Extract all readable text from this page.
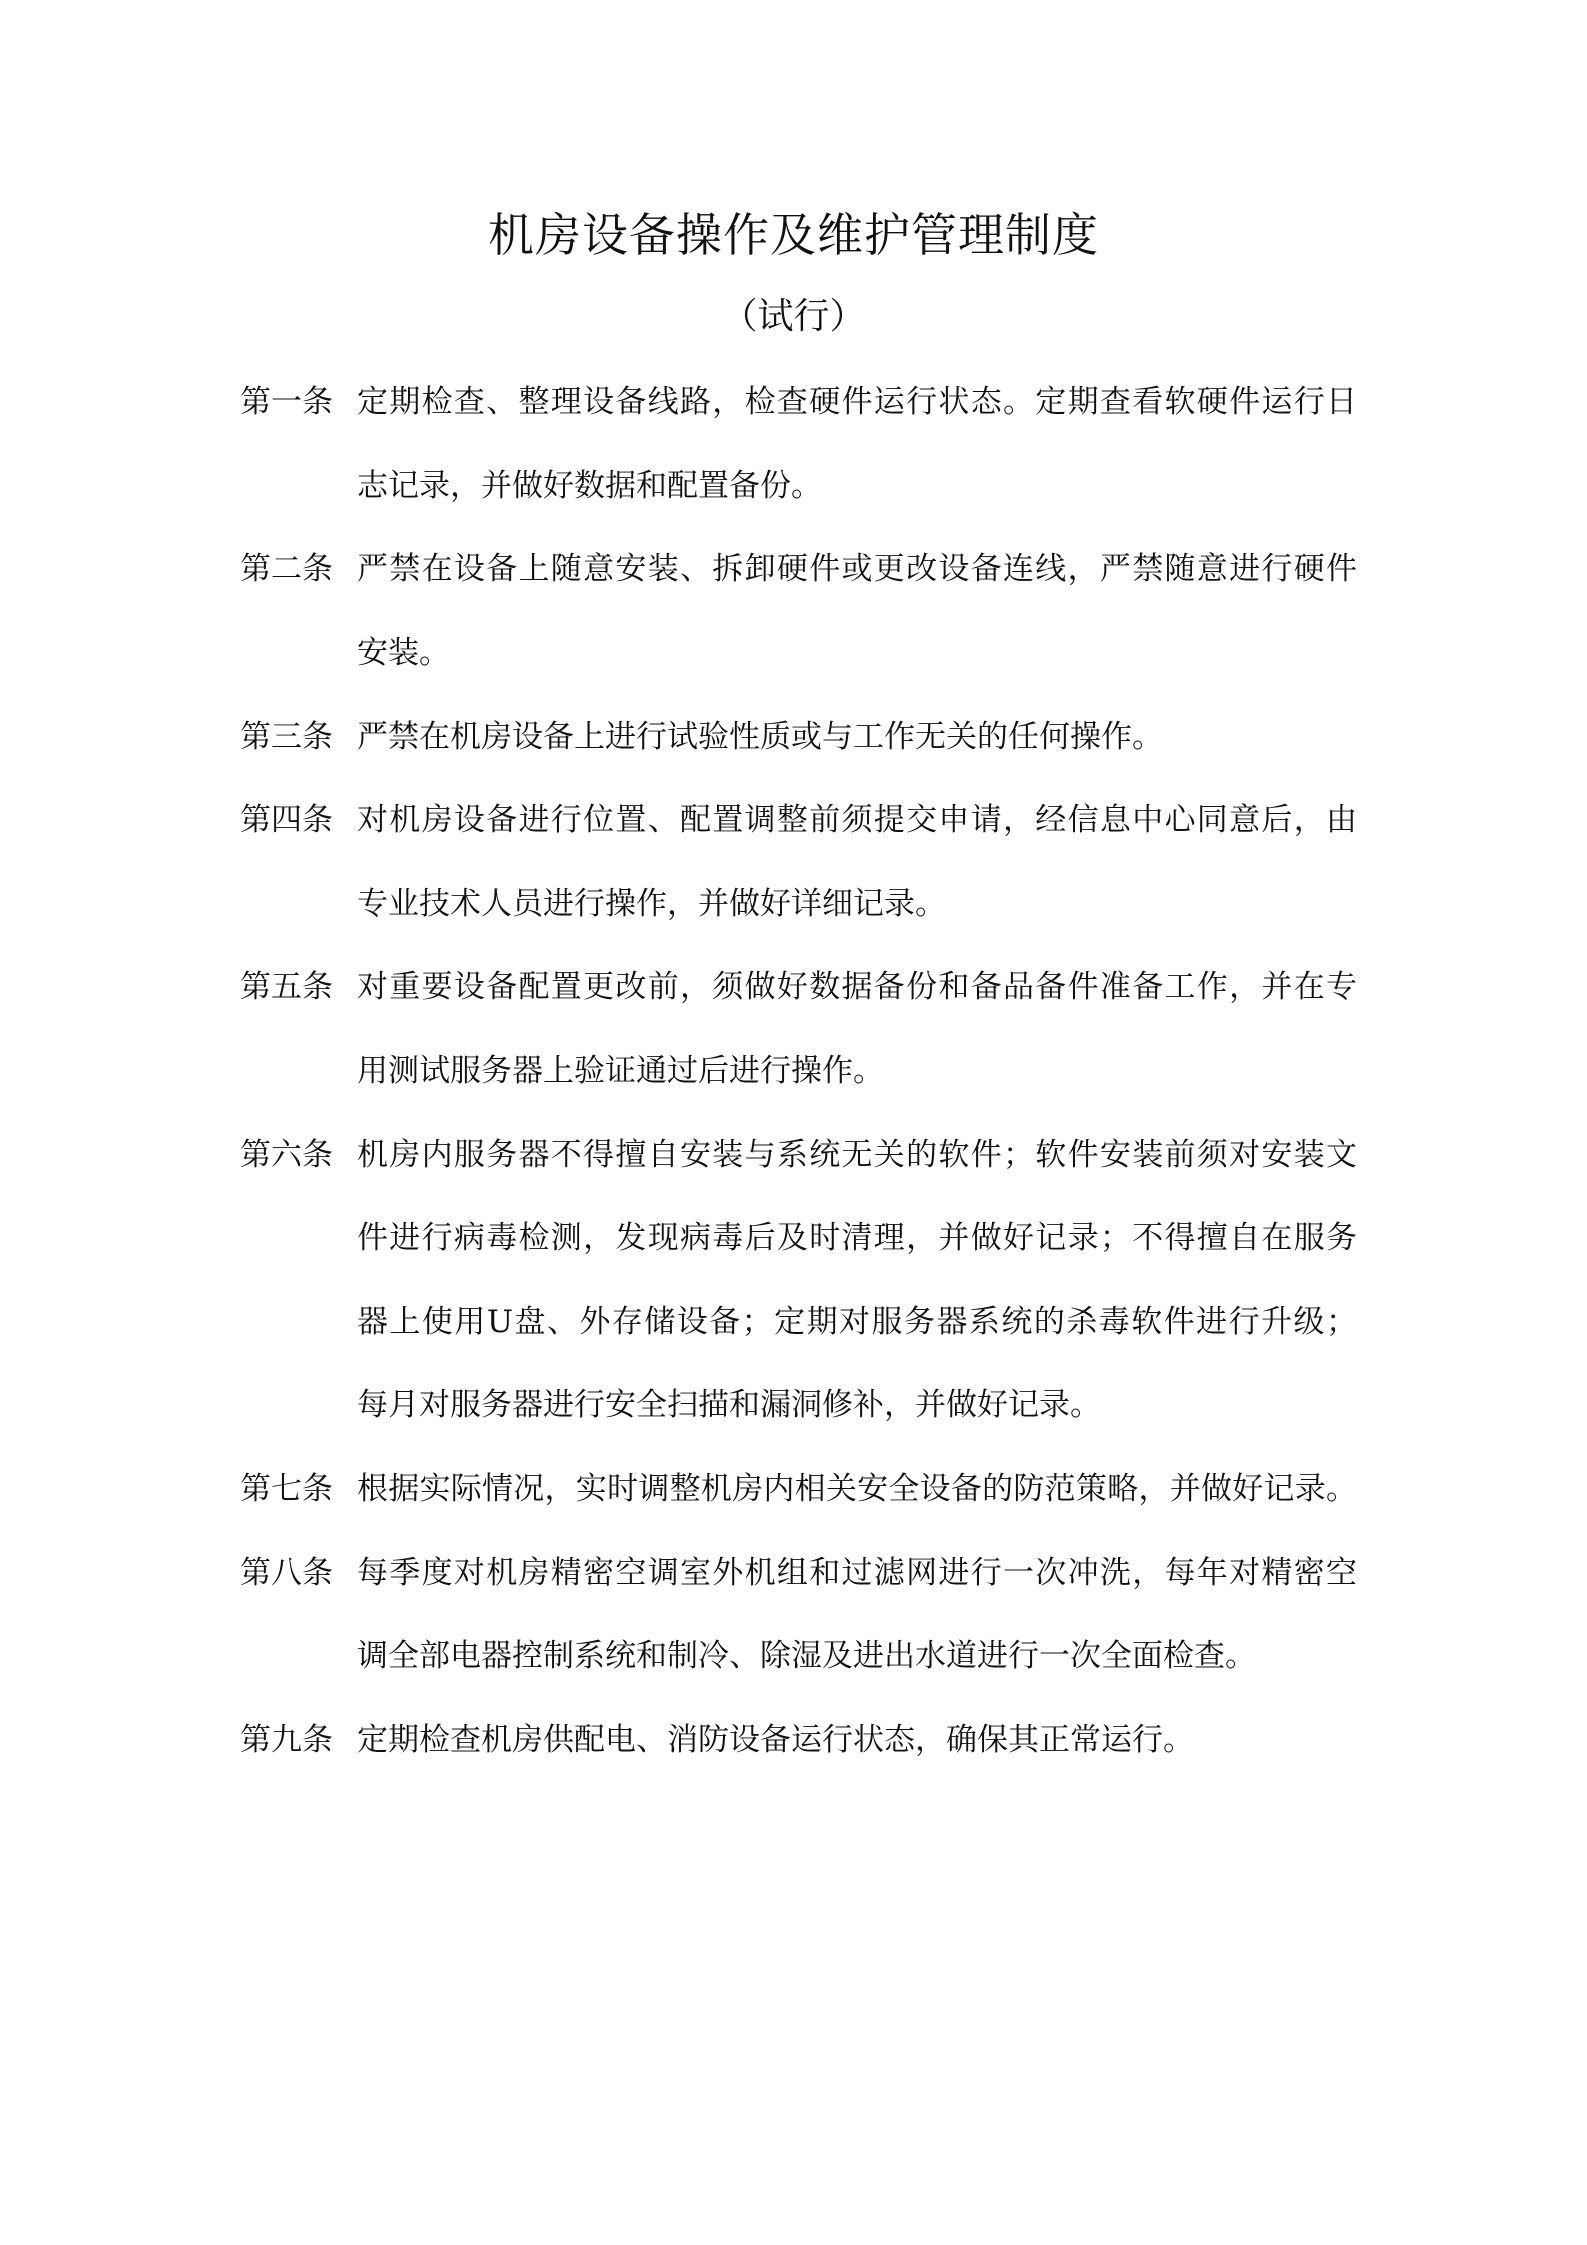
机房设备操作及维护管理制度
（试行）
第一条 定期检查、整理设备线路，检查硬件运行状态。定期查看软硬件运行日
志记录，并做好数据和配置备份。
第二条 严禁在设备上随意安装、拆卸硬件或更改设备连线，严禁随意进行硬件
安装。
第三条 严禁在机房设备上进行试验性质或与工作无关的任何操作。
第四条 对机房设备进行位置、配置调整前须提交申请，经信息中心同意后，由
专业技术人员进行操作，并做好详细记录。
第五条 对重要设备配置更改前，须做好数据备份和备品备件准备工作，并在专
用测试服务器上验证通过后进行操作。
第六条 机房内服务器不得擅自安装与系统无关的软件；软件安装前须对安装文
件进行病毒检测，发现病毒后及时清理，并做好记录；不得擅自在服务
器上使用U盘、外存储设备；定期对服务器系统的杀毒软件进行升级；
每月对服务器进行安全扫描和漏洞修补，并做好记录。
第七条 根据实际情况，实时调整机房内相关安全设备的防范策略，并做好记录。
第八条 每季度对机房精密空调室外机组和过滤网进行一次冲洗，每年对精密空
调全部电器控制系统和制冷、除湿及进出水道进行一次全面检查。
第九条 定期检查机房供配电、消防设备运行状态，确保其正常运行。
